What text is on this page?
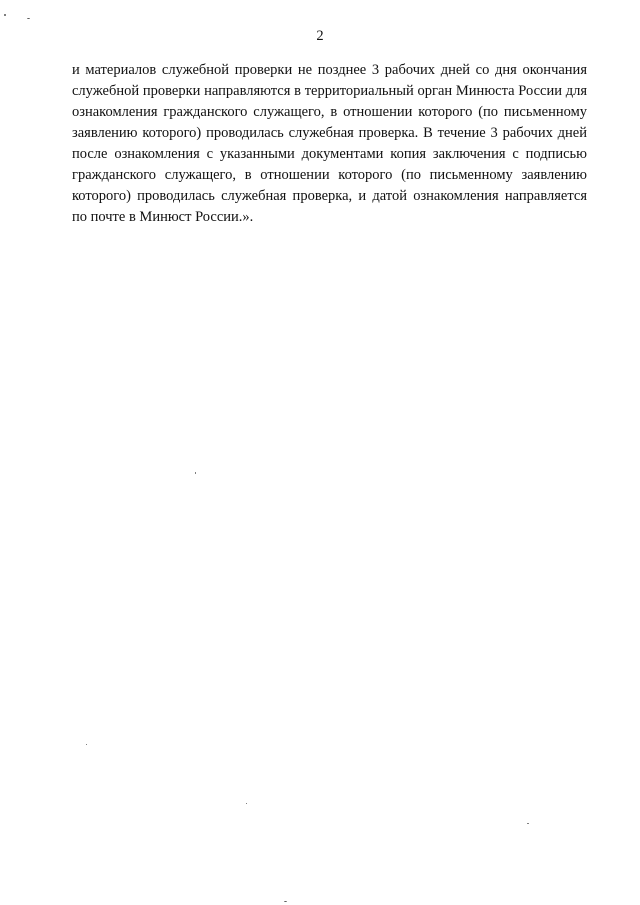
2
и материалов служебной проверки не позднее 3 рабочих дней со дня окончания
служебной проверки направляются в территориальный орган Минюста России для
ознакомления гражданского служащего, в отношении которого (по письменному
заявлению которого) проводилась служебная проверка. В течение 3 рабочих дней
после ознакомления с указанными документами копия заключения с подписью
гражданского служащего, в отношении которого (по письменному заявлению
которого) проводилась служебная проверка, и датой ознакомления направляется
по почте в Минюст России.».
